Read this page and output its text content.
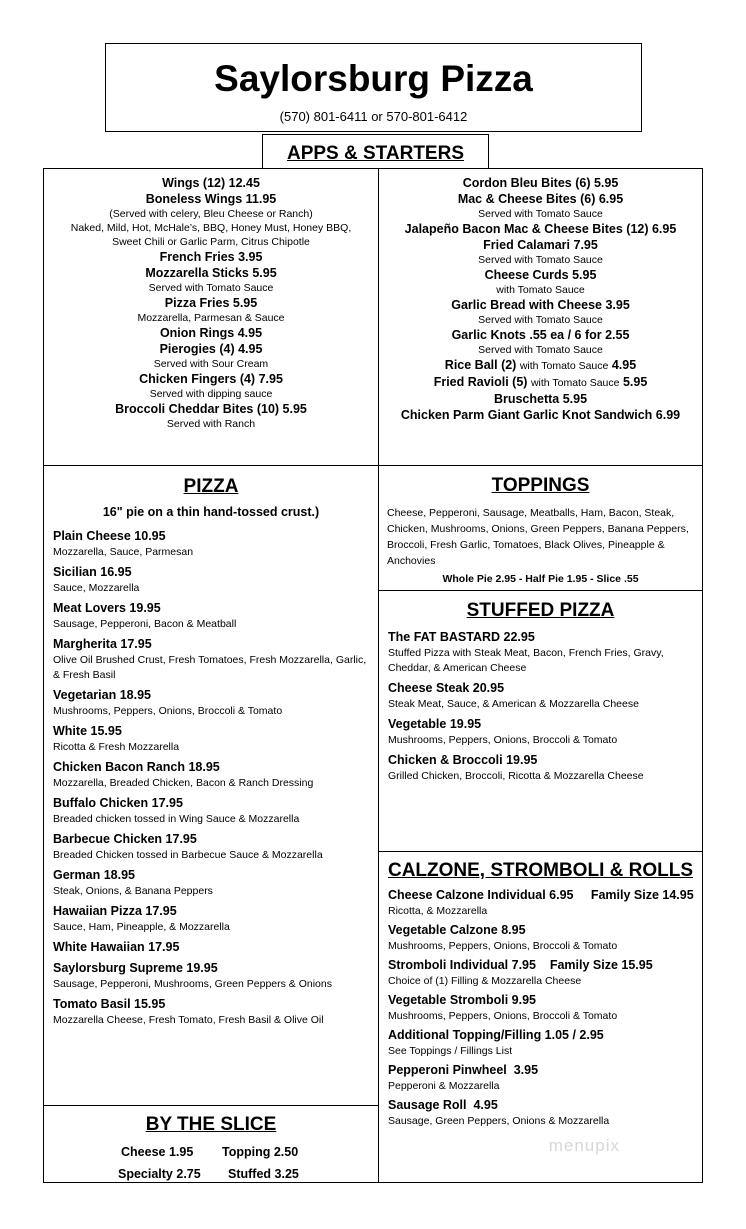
Saylorsburg Pizza
(570) 801-6411 or 570-801-6412
APPS & STARTERS
Wings (12) 12.45
Boneless Wings 11.95
(Served with celery, Bleu Cheese or Ranch)
Naked, Mild, Hot, McHale’s, BBQ, Honey Must, Honey BBQ,
Sweet Chili or Garlic Parm, Citrus Chipotle
French Fries 3.95
Mozzarella Sticks 5.95
Served with Tomato Sauce
Pizza Fries 5.95
Mozzarella, Parmesan & Sauce
Onion Rings 4.95
Pierogies (4) 4.95
Served with Sour Cream
Chicken Fingers (4) 7.95
Served with dipping sauce
Broccoli Cheddar Bites (10) 5.95
Served with Ranch
Cordon Bleu Bites (6) 5.95
Mac & Cheese Bites (6) 6.95
Served with Tomato Sauce
Jalapeño Bacon Mac & Cheese Bites (12) 6.95
Fried Calamari 7.95
Served with Tomato Sauce
Cheese Curds 5.95
with Tomato Sauce
Garlic Bread with Cheese 3.95
Served with Tomato Sauce
Garlic Knots .55 ea / 6 for 2.55
Served with Tomato Sauce
Rice Ball (2) with Tomato Sauce 4.95
Fried Ravioli (5) with Tomato Sauce 5.95
Bruschetta 5.95
Chicken Parm Giant Garlic Knot Sandwich 6.99
PIZZA
16" pie on a thin hand-tossed crust.)
Plain Cheese 10.95
Mozzarella, Sauce, Parmesan
Sicilian 16.95
Sauce, Mozzarella
Meat Lovers 19.95
Sausage, Pepperoni, Bacon & Meatball
Margherita 17.95
Olive Oil Brushed Crust, Fresh Tomatoes, Fresh Mozzarella, Garlic, & Fresh Basil
Vegetarian 18.95
Mushrooms, Peppers, Onions, Broccoli & Tomato
White 15.95
Ricotta & Fresh Mozzarella
Chicken Bacon Ranch 18.95
Mozzarella, Breaded Chicken, Bacon & Ranch Dressing
Buffalo Chicken 17.95
Breaded chicken tossed in Wing Sauce & Mozzarella
Barbecue Chicken 17.95
Breaded Chicken tossed in Barbecue Sauce & Mozzarella
German 18.95
Steak, Onions, & Banana Peppers
Hawaiian Pizza 17.95
Sauce, Ham, Pineapple, & Mozzarella
White Hawaiian 17.95
Saylorsburg Supreme 19.95
Sausage, Pepperoni, Mushrooms, Green Peppers & Onions
Tomato Basil 15.95
Mozzarella Cheese, Fresh Tomato, Fresh Basil & Olive Oil
BY THE SLICE
Cheese 1.95 Topping 2.50
Specialty 2.75 Stuffed 3.25
TOPPINGS
Cheese, Pepperoni, Sausage, Meatballs, Ham, Bacon, Steak, Chicken, Mushrooms, Onions, Green Peppers, Banana Peppers, Broccoli, Fresh Garlic, Tomatoes, Black Olives, Pineapple & Anchovies
Whole Pie 2.95 - Half Pie 1.95 - Slice .55
STUFFED PIZZA
The FAT BASTARD 22.95
Stuffed Pizza with Steak Meat, Bacon, French Fries, Gravy, Cheddar, & American Cheese
Cheese Steak 20.95
Steak Meat, Sauce, & American & Mozzarella Cheese
Vegetable 19.95
Mushrooms, Peppers, Onions, Broccoli & Tomato
Chicken & Broccoli 19.95
Grilled Chicken, Broccoli, Ricotta & Mozzarella Cheese
CALZONE, STROMBOLI & ROLLS
Cheese Calzone Individual 6.95     Family Size 14.95
Ricotta, & Mozzarella
Vegetable Calzone 8.95
Mushrooms, Peppers, Onions, Broccoli & Tomato
Stromboli Individual 7.95    Family Size 15.95
Choice of (1) Filling & Mozzarella Cheese
Vegetable Stromboli 9.95
Mushrooms, Peppers, Onions, Broccoli & Tomato
Additional Topping/Filling 1.05 / 2.95
See Toppings / Fillings List
Pepperoni Pinwheel  3.95
Pepperoni & Mozzarella
Sausage Roll  4.95
Sausage, Green Peppers, Onions & Mozzarella
menupix
